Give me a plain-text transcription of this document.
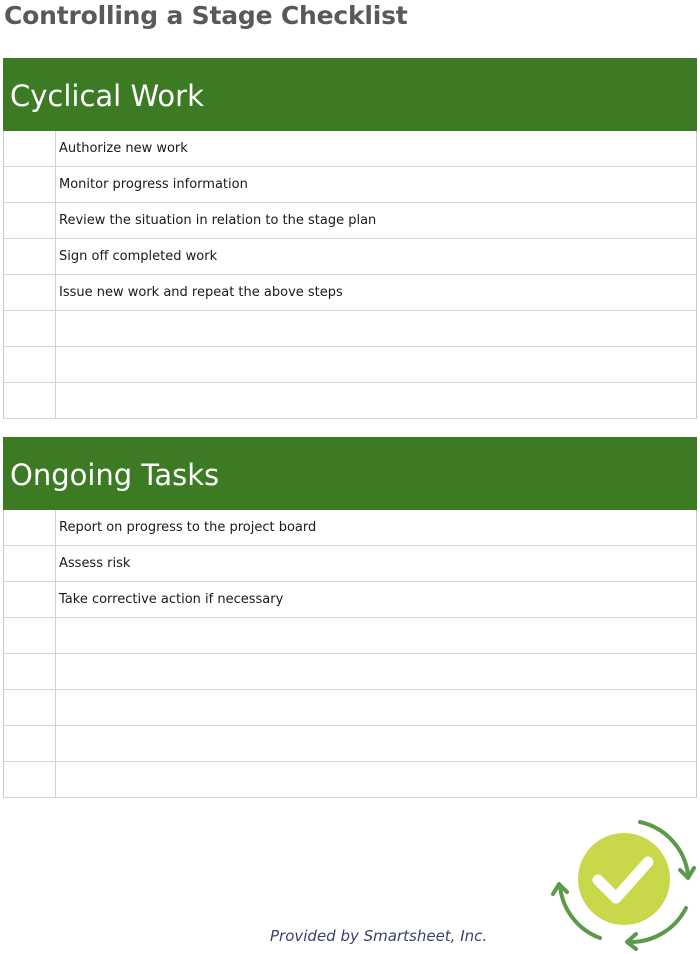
Controlling a Stage Checklist
Cyclical Work
Authorize new work
Monitor progress information
Review the situation in relation to the stage plan
Sign off completed work
Issue new work and repeat the above steps
Ongoing Tasks
Report on progress to the project board
Assess risk
Take corrective action if necessary
Provided by Smartsheet, Inc.
